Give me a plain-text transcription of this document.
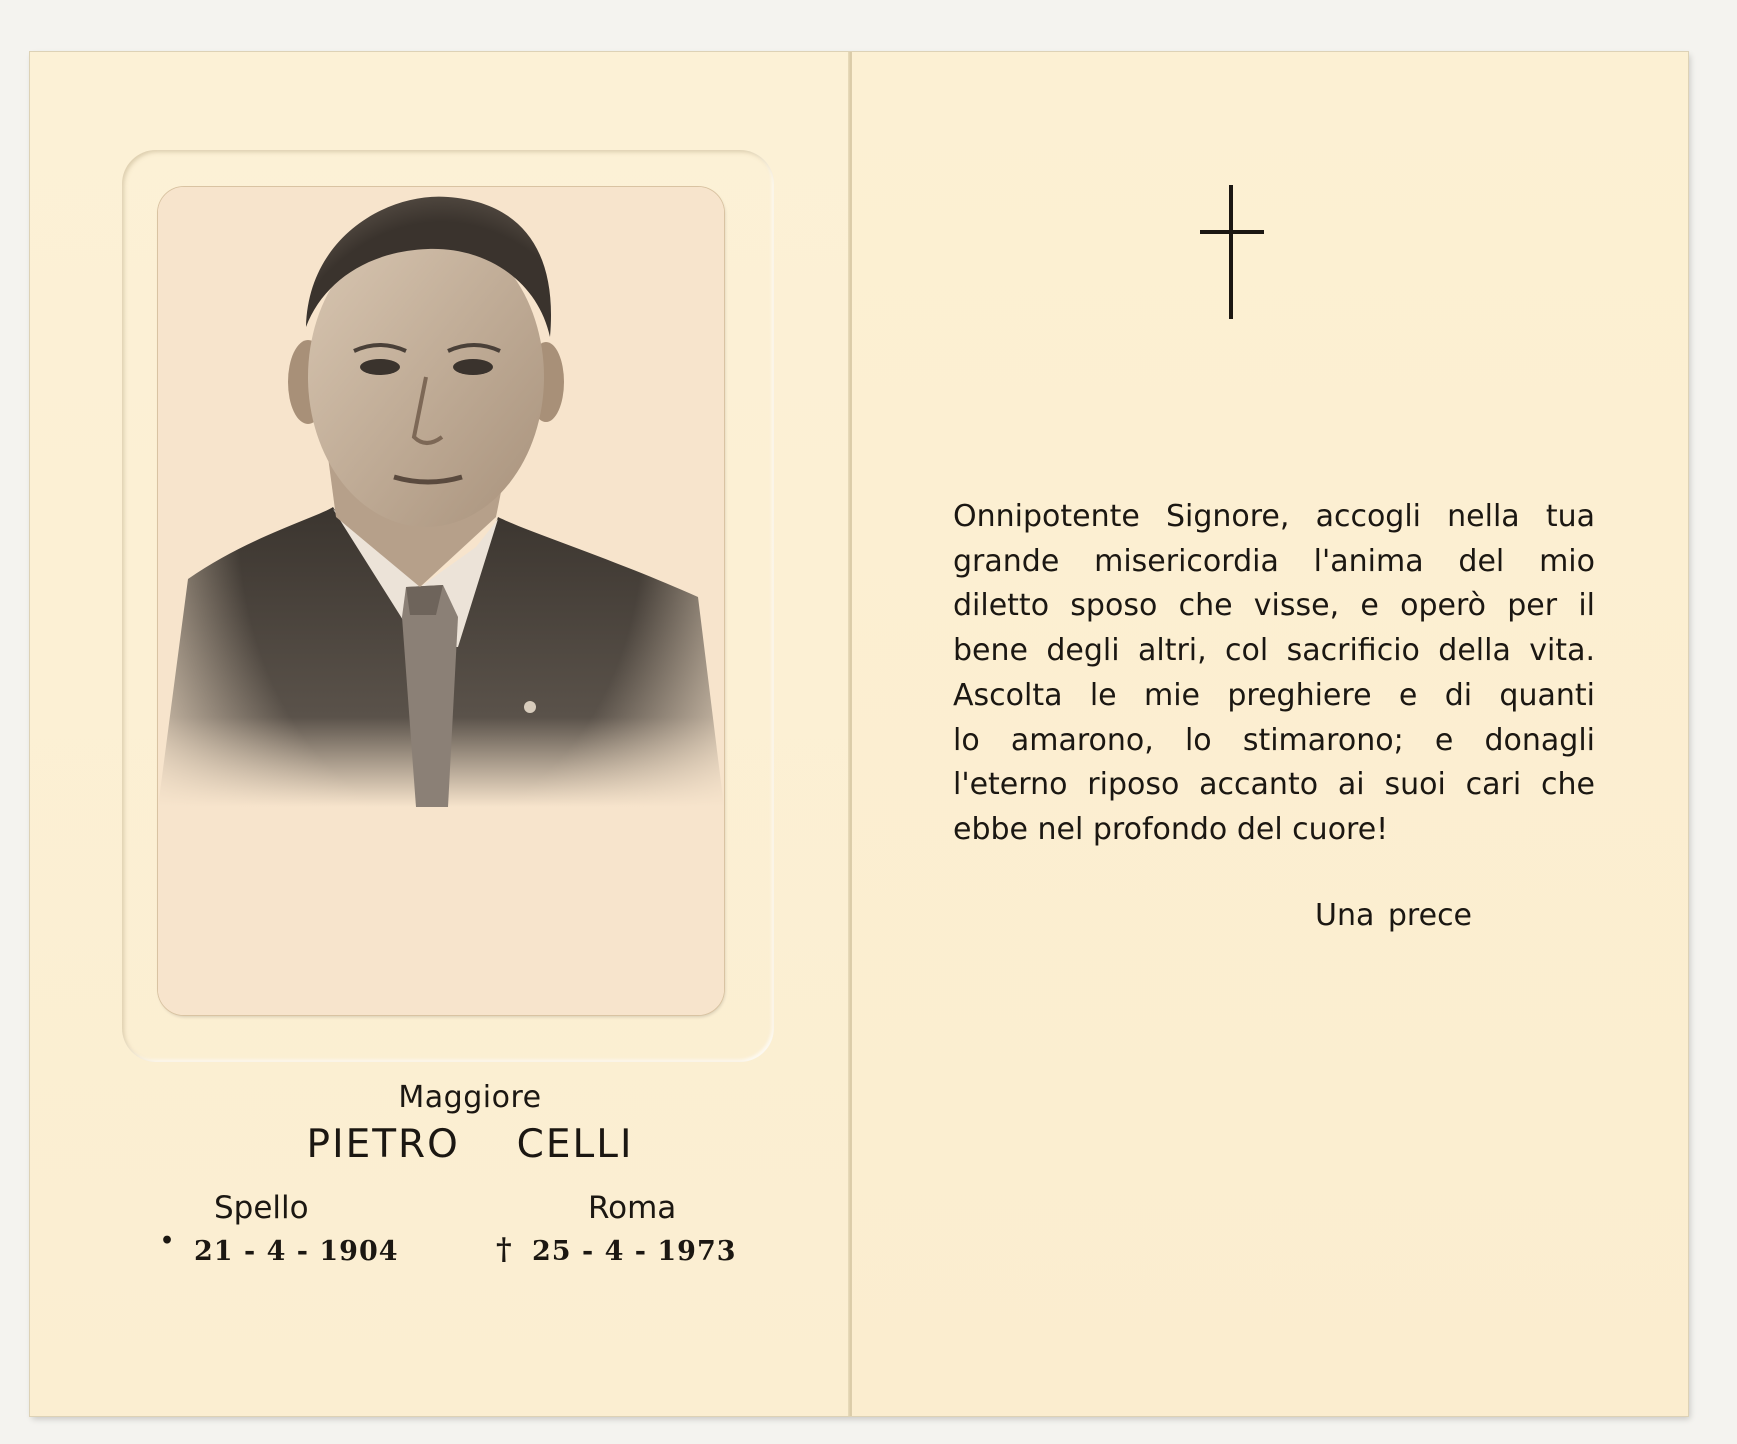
Maggiore
PIETRO  CELLI
Spello	Roma
• 21 - 4 - 1904	† 25 - 4 - 1973
Onnipotente Signore, accogli nella tua
grande misericordia l'anima del mio
diletto sposo che visse, e operò per il
bene degli altri, col sacrificio della vita.
Ascolta le mie preghiere e di quanti
lo amarono, lo stimarono; e donagli
l'eterno riposo accanto ai suoi cari che
ebbe nel profondo del cuore!
Una prece
